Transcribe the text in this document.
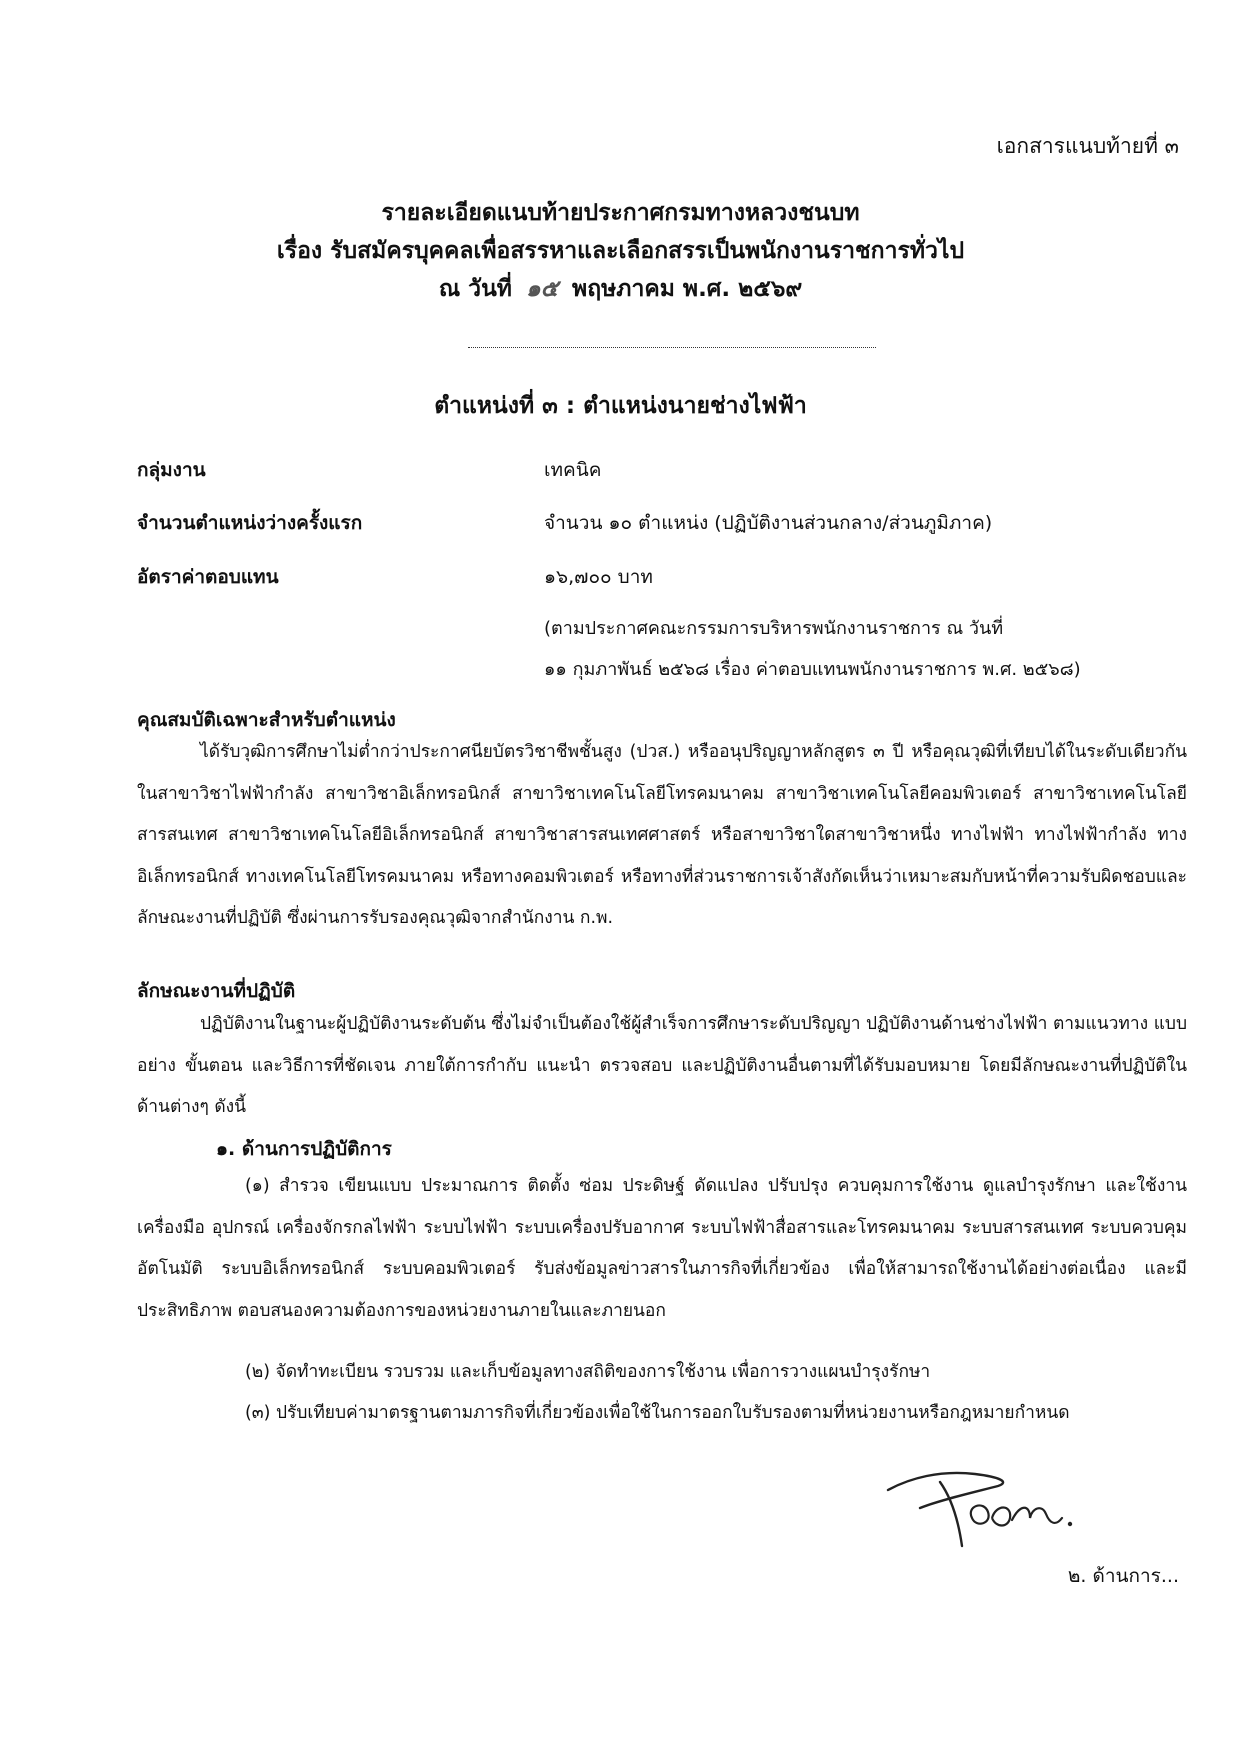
เอกสารแนบท้ายที่ ๓
รายละเอียดแนบท้ายประกาศกรมทางหลวงชนบท
เรื่อง รับสมัครบุคคลเพื่อสรรหาและเลือกสรรเป็นพนักงานราชการทั่วไป
ณ วันที่ ๑๕ พฤษภาคม พ.ศ. ๒๕๖๙
ตำแหน่งที่ ๓ : ตำแหน่งนายช่างไฟฟ้า
กลุ่มงาน	เทคนิค
จำนวนตำแหน่งว่างครั้งแรก	จำนวน ๑๐ ตำแหน่ง (ปฏิบัติงานส่วนกลาง/ส่วนภูมิภาค)
อัตราค่าตอบแทน	๑๖,๗๐๐ บาท
(ตามประกาศคณะกรรมการบริหารพนักงานราชการ ณ วันที่
๑๑ กุมภาพันธ์ ๒๕๖๘ เรื่อง ค่าตอบแทนพนักงานราชการ พ.ศ. ๒๕๖๘)
คุณสมบัติเฉพาะสำหรับตำแหน่ง
ได้รับวุฒิการศึกษาไม่ต่ำกว่าประกาศนียบัตรวิชาชีพชั้นสูง (ปวส.) หรืออนุปริญญาหลักสูตร ๓ ปี หรือคุณวุฒิที่เทียบได้ในระดับเดียวกัน ในสาขาวิชาไฟฟ้ากำลัง สาขาวิชาอิเล็กทรอนิกส์ สาขาวิชาเทคโนโลยีโทรคมนาคม สาขาวิชาเทคโนโลยีคอมพิวเตอร์ สาขาวิชาเทคโนโลยีสารสนเทศ สาขาวิชาเทคโนโลยีอิเล็กทรอนิกส์ สาขาวิชาสารสนเทศศาสตร์ หรือสาขาวิชาใดสาขาวิชาหนึ่ง ทางไฟฟ้า ทางไฟฟ้ากำลัง ทางอิเล็กทรอนิกส์ ทางเทคโนโลยีโทรคมนาคม หรือทางคอมพิวเตอร์ หรือทางที่ส่วนราชการเจ้าสังกัดเห็นว่าเหมาะสมกับหน้าที่ความรับผิดชอบและลักษณะงานที่ปฏิบัติ ซึ่งผ่านการรับรองคุณวุฒิจากสำนักงาน ก.พ.
ลักษณะงานที่ปฏิบัติ
ปฏิบัติงานในฐานะผู้ปฏิบัติงานระดับต้น ซึ่งไม่จำเป็นต้องใช้ผู้สำเร็จการศึกษาระดับปริญญา ปฏิบัติงานด้านช่างไฟฟ้า ตามแนวทาง แบบอย่าง ขั้นตอน และวิธีการที่ชัดเจน ภายใต้การกำกับ แนะนำ ตรวจสอบ และปฏิบัติงานอื่นตามที่ได้รับมอบหมาย โดยมีลักษณะงานที่ปฏิบัติในด้านต่างๆ ดังนี้
๑. ด้านการปฏิบัติการ
(๑) สำรวจ เขียนแบบ ประมาณการ ติดตั้ง ซ่อม ประดิษฐ์ ดัดแปลง ปรับปรุง ควบคุมการใช้งาน ดูแลบำรุงรักษา และใช้งานเครื่องมือ อุปกรณ์ เครื่องจักรกลไฟฟ้า ระบบไฟฟ้า ระบบเครื่องปรับอากาศ ระบบไฟฟ้าสื่อสารและโทรคมนาคม ระบบสารสนเทศ ระบบควบคุมอัตโนมัติ ระบบอิเล็กทรอนิกส์ ระบบคอมพิวเตอร์ รับส่งข้อมูลข่าวสารในภารกิจที่เกี่ยวข้อง เพื่อให้สามารถใช้งานได้อย่างต่อเนื่อง และมีประสิทธิภาพ ตอบสนองความต้องการของหน่วยงานภายในและภายนอก
(๒) จัดทำทะเบียน รวบรวม และเก็บข้อมูลทางสถิติของการใช้งาน เพื่อการวางแผนบำรุงรักษา
(๓) ปรับเทียบค่ามาตรฐานตามภารกิจที่เกี่ยวข้องเพื่อใช้ในการออกใบรับรองตามที่หน่วยงานหรือกฎหมายกำหนด
๒. ด้านการ...
